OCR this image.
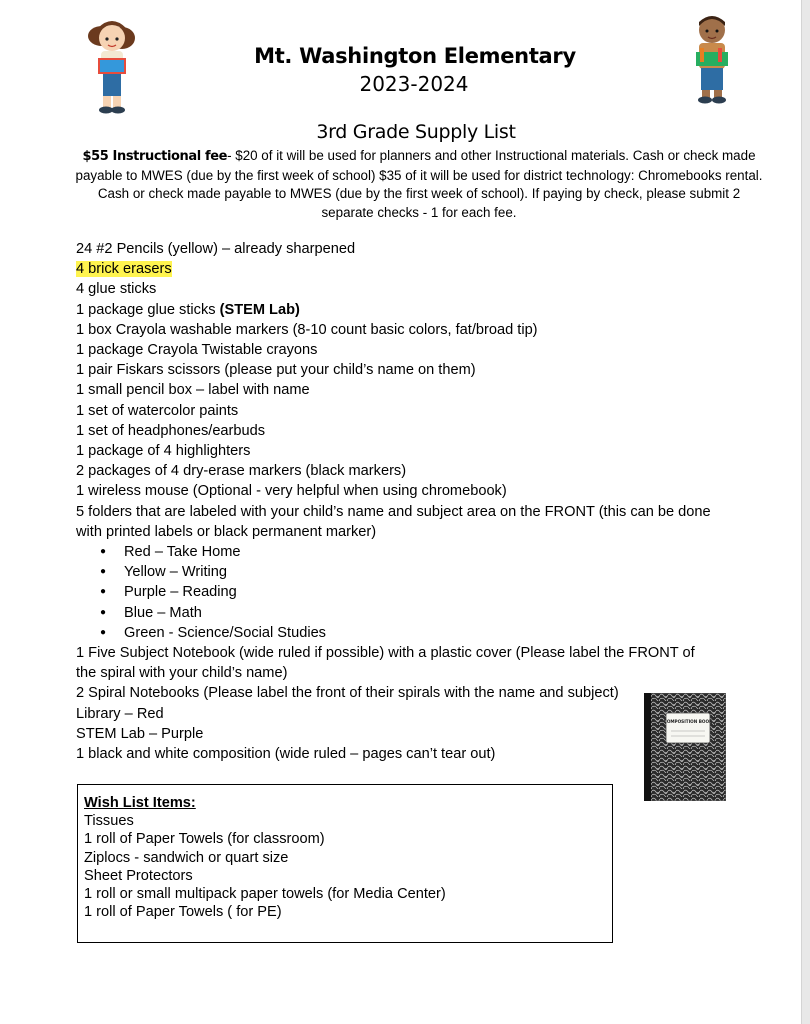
Mt. Washington Elementary
2023-2024
3rd Grade Supply List
$55 Instructional fee- $20 of it will be used for planners and other Instructional materials. Cash or check made payable to MWES (due by the first week of school) $35 of it will be used for district technology: Chromebooks rental. Cash or check made payable to MWES (due by the first week of school). If paying by check, please submit 2 separate checks - 1 for each fee.
24 #2 Pencils (yellow) – already sharpened
4 brick erasers
4 glue sticks
1 package glue sticks (STEM Lab)
1 box Crayola washable markers (8-10 count basic colors, fat/broad tip)
1 package Crayola Twistable crayons
1 pair Fiskars scissors (please put your child’s name on them)
1 small pencil box – label with name
1 set of watercolor paints
1 set of headphones/earbuds
1 package of 4 highlighters
2 packages of 4 dry-erase markers (black markers)
1 wireless mouse (Optional - very helpful when using chromebook)
5 folders that are labeled with your child’s name and subject area on the FRONT (this can be done with printed labels or black permanent marker)
● Red – Take Home
● Yellow – Writing
● Purple – Reading
● Blue – Math
● Green - Science/Social Studies
1 Five Subject Notebook (wide ruled if possible) with a plastic cover (Please label the FRONT of the spiral with your child’s name)
2 Spiral Notebooks (Please label the front of their spirals with the name and subject)
Library – Red
STEM Lab – Purple
1 black and white composition (wide ruled – pages can’t tear out)
COMPOSITION BOOK
Wish List Items:
Tissues
1 roll of Paper Towels (for classroom)
Ziplocs - sandwich or quart size
Sheet Protectors
1 roll or small multipack paper towels (for Media Center)
1 roll of Paper Towels ( for PE)
